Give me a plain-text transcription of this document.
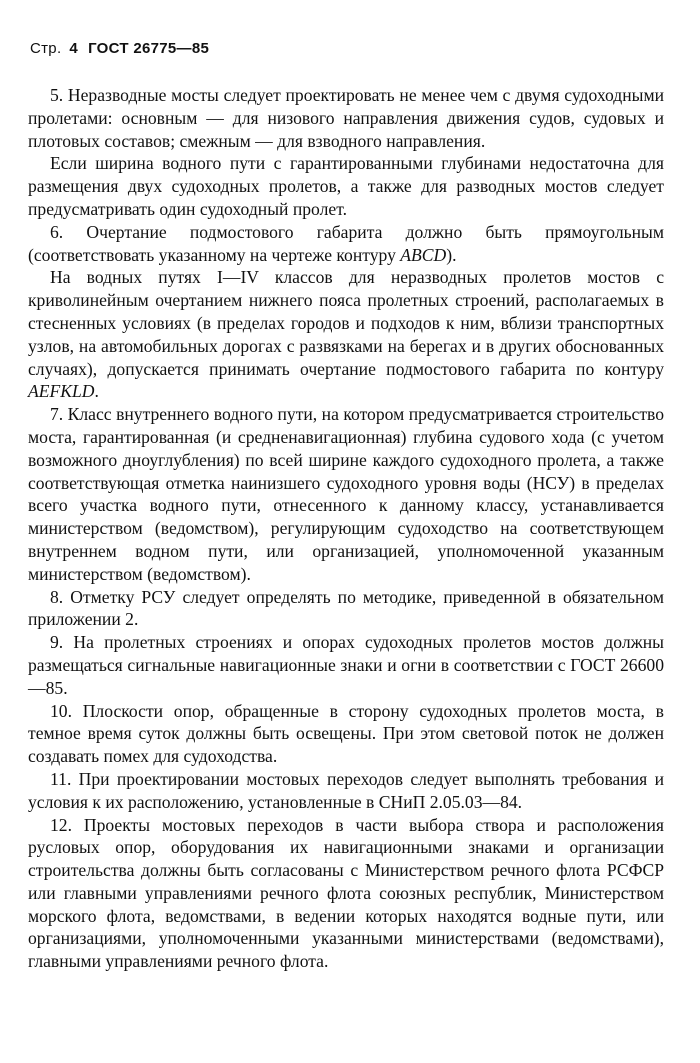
Стр. 4 ГОСТ 26775—85

5. Неразводные мосты следует проектировать не менее чем с двумя судоходными пролетами: основным — для низового направления движения судов, судовых и плотовых составов; смежным — для взводного направления.

Если ширина водного пути с гарантированными глубинами недостаточна для размещения двух судоходных пролетов, а также для разводных мостов следует предусматривать один судоходный пролет.

6. Очертание подмостового габарита должно быть прямоугольным (соответствовать указанному на чертеже контуру ABCD).

На водных путях I—IV классов для неразводных пролетов мостов с криволинейным очертанием нижнего пояса пролетных строений, располагаемых в стесненных условиях (в пределах городов и подходов к ним, вблизи транспортных узлов, на автомобильных дорогах с развязками на берегах и в других обоснованных случаях), допускается принимать очертание подмостового габарита по контуру AEFKLD.

7. Класс внутреннего водного пути, на котором предусматривается строительство моста, гарантированная (и средненавигационная) глубина судового хода (с учетом возможного дноуглубления) по всей ширине каждого судоходного пролета, а также соответствующая отметка наинизшего судоходного уровня воды (НСУ) в пределах всего участка водного пути, отнесенного к данному классу, устанавливается министерством (ведомством), регулирующим судоходство на соответствующем внутреннем водном пути, или организацией, уполномоченной указанным министерством (ведомством).

8. Отметку РСУ следует определять по методике, приведенной в обязательном приложении 2.

9. На пролетных строениях и опорах судоходных пролетов мостов должны размещаться сигнальные навигационные знаки и огни в соответствии с ГОСТ 26600—85.

10. Плоскости опор, обращенные в сторону судоходных пролетов моста, в темное время суток должны быть освещены. При этом световой поток не должен создавать помех для судоходства.

11. При проектировании мостовых переходов следует выполнять требования и условия к их расположению, установленные в СНиП 2.05.03—84.

12. Проекты мостовых переходов в части выбора створа и расположения русловых опор, оборудования их навигационными знаками и организации строительства должны быть согласованы с Министерством речного флота РСФСР или главными управлениями речного флота союзных республик, Министерством морского флота, ведомствами, в ведении которых находятся водные пути, или организациями, уполномоченными указанными министерствами (ведомствами), главными управлениями речного флота.
